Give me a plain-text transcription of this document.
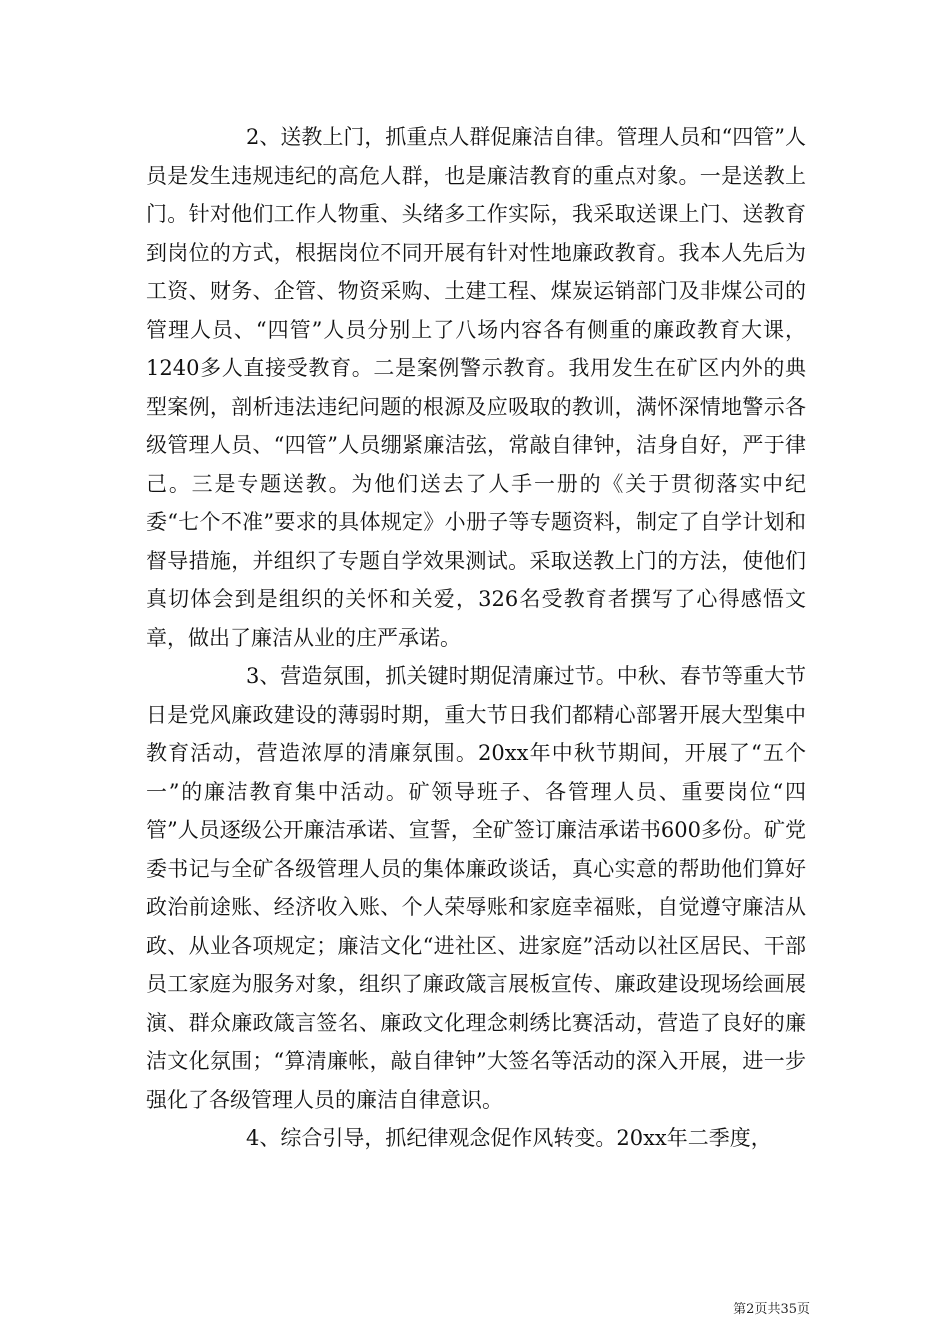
2、送教上门，抓重点人群促廉洁自律。管理人员和“四管”人员是发生违规违纪的高危人群，也是廉洁教育的重点对象。一是送教上门。针对他们工作人物重、头绪多工作实际，我采取送课上门、送教育到岗位的方式，根据岗位不同开展有针对性地廉政教育。我本人先后为工资、财务、企管、物资采购、土建工程、煤炭运销部门及非煤公司的管理人员、“四管”人员分别上了八场内容各有侧重的廉政教育大课，1240多人直接受教育。二是案例警示教育。我用发生在矿区内外的典型案例，剖析违法违纪问题的根源及应吸取的教训，满怀深情地警示各级管理人员、“四管”人员绷紧廉洁弦，常敲自律钟，洁身自好，严于律己。三是专题送教。为他们送去了人手一册的《关于贯彻落实中纪委“七个不准”要求的具体规定》小册子等专题资料，制定了自学计划和督导措施，并组织了专题自学效果测试。采取送教上门的方法，使他们真切体会到是组织的关怀和关爱，326名受教育者撰写了心得感悟文章，做出了廉洁从业的庄严承诺。

3、营造氛围，抓关键时期促清廉过节。中秋、春节等重大节日是党风廉政建设的薄弱时期，重大节日我们都精心部署开展大型集中教育活动，营造浓厚的清廉氛围。20xx年中秋节期间，开展了“五个一”的廉洁教育集中活动。矿领导班子、各管理人员、重要岗位“四管”人员逐级公开廉洁承诺、宣誓，全矿签订廉洁承诺书600多份。矿党委书记与全矿各级管理人员的集体廉政谈话，真心实意的帮助他们算好政治前途账、经济收入账、个人荣辱账和家庭幸福账，自觉遵守廉洁从政、从业各项规定；廉洁文化“进社区、进家庭”活动以社区居民、干部员工家庭为服务对象，组织了廉政箴言展板宣传、廉政建设现场绘画展演、群众廉政箴言签名、廉政文化理念刺绣比赛活动，营造了良好的廉洁文化氛围；“算清廉帐，敲自律钟”大签名等活动的深入开展，进一步强化了各级管理人员的廉洁自律意识。

4、综合引导，抓纪律观念促作风转变。20xx年二季度，

第2页共35页
